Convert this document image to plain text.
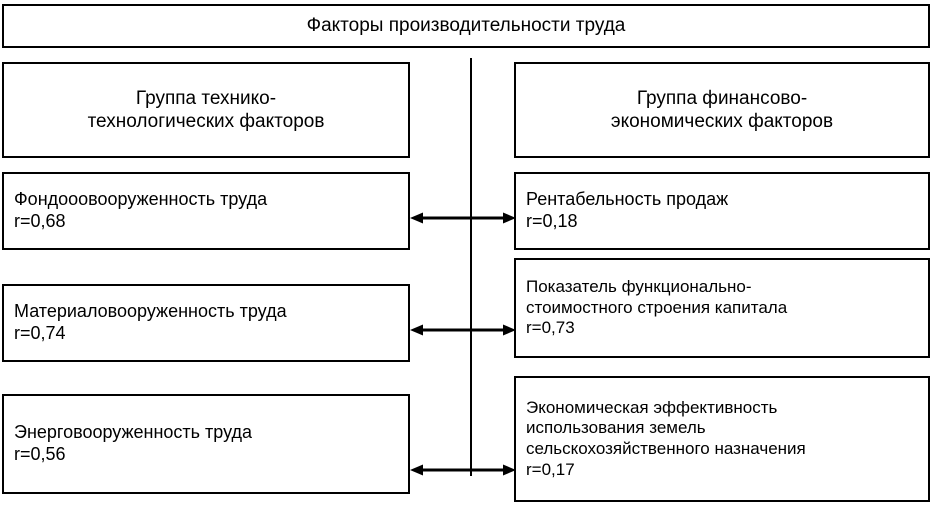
Факторы производительности труда
Группа технико-
технологических факторов
Группа финансово-
экономических факторов
Фондооовооруженность труда
r=0,68
Рентабельность продаж
r=0,18
Показатель функционально-
стоимостного строения капитала
r=0,73
Материаловооруженность труда
r=0,74
Экономическая эффективность
использования земель
сельскохозяйственного назначения
r=0,17
Энерговооруженность труда
r=0,56
